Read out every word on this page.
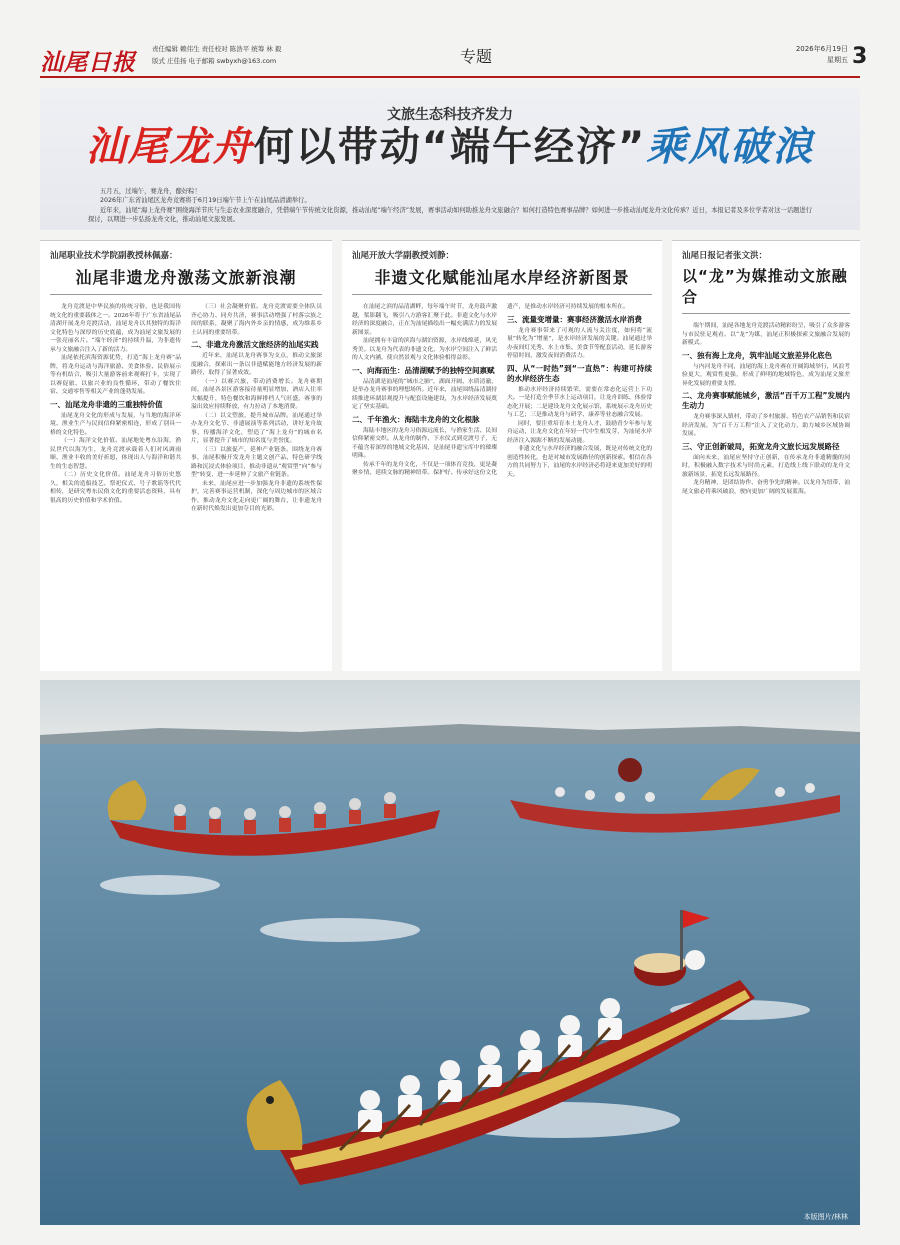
汕尾日报 责任编辑 赖伟生 责任校对 陈浩平 统筹 林 毅
版式 庄佳扬 电子邮箱 swbyxh@163.com	专题	2026年6月19日
星期五 3
文旅生态科技齐发力
汕尾龙舟何以带动“端午经济”乘风破浪

五月五，过端午，赛龙舟，酿好粽！

2026年广东省汕尾区龙舟竞赛将于6月19日端午节上午在汕尾品清湖举行。

近年来，汕尾“海上龙舟赛”围绕海洋节庆与生态农业深度融合，凭借端午节传统文化资源，推动汕尾“端午经济”发展，赛事活动如何助推龙舟文旅融合？如何打造特色赛事品牌？如何进一步推动汕尾龙舟文化传承？近日，本报记者及多位学者对这一话题进行探讨，以期进一步弘扬龙舟文化，推动汕尾文旅发展。

汕尾职业技术学院副教授林佩嘉：
汕尾非遗龙舟激荡文旅新浪潮

龙舟竞渡是中华民族的传统习俗，也是我国传统文化的重要载体之一。2026年将于广东省汕尾品清湖开展龙舟竞渡活动，汕尾龙舟以其独特的海洋文化特色与深厚的历史底蕴，成为汕尾文旅发展的一张亮丽名片。“端午经济”的持续升温，为非遗传承与文旅融合注入了新的活力。

汕尾依托滨海资源优势，打造“海上龙舟赛”品牌，将龙舟运动与海洋旅游、美食体验、民俗展示等有机结合，吸引大量游客前来观赛打卡，实现了以赛促旅、以旅兴业的良性循环，带动了餐饮住宿、交通零售等相关产业的蓬勃发展。

一、汕尾龙舟非遗的三重独特价值

汕尾龙舟文化的形成与发展，与当地的海洋环境、渔业生产与民间信仰紧密相连，形成了别具一格的文化特色。

（一）海洋文化价值。汕尾地处粤东沿海，渔民世代以海为生，龙舟竞渡承载着人们对风调雨顺、渔业丰收的美好祈愿，体现出人与海洋和谐共生的生态智慧。

（二）历史文化价值。汕尾龙舟习俗历史悠久，相关的造船技艺、祭祀仪式、号子歌谣等代代相传，是研究粤东民俗文化的重要活态资料，具有很高的历史价值和学术价值。

（三）社会凝聚价值。龙舟竞渡需要全体队员齐心协力、同舟共济，赛事活动增强了村落宗族之间的联系，凝聚了海内外乡亲的情感，成为维系乡土认同的重要纽带。

二、非遗龙舟激活文旅经济的汕尾实践

近年来，汕尾以龙舟赛事为支点，推动文旅深度融合，探索出一条以非遗赋能地方经济发展的新路径，取得了显著成效。

（一）以赛兴旅，带动消费增长。龙舟赛期间，汕尾各景区游客接待量明显增加，酒店入住率大幅提升，特色餐饮和海鲜排档人气旺盛，赛事的溢出效应持续释放，有力拉动了本地消费。

（二）以文塑旅，提升城市品牌。汕尾通过举办龙舟文化节、非遗展演等系列活动，讲好龙舟故事，传播海洋文化，塑造了“海上龙舟”的城市名片，显著提升了城市的知名度与美誉度。

（三）以旅促产，延伸产业链条。围绕龙舟赛事，汕尾积极开发龙舟主题文创产品、特色研学线路和沉浸式体验项目，推动非遗从“观赏型”向“参与型”转变，进一步延伸了文旅产业链条。

未来，汕尾应进一步加强龙舟非遗的系统性保护，完善赛事运营机制，深化与周边城市的区域合作，推动龙舟文化走向更广阔的舞台，让非遗龙舟在新时代焕发出更加夺目的光彩。

汕尾开放大学副教授刘静：
非遗文化赋能汕尾水岸经济新图景

在汕尾之滨的品清湖畔，每年端午时节，龙舟鼓声激越，桨影翻飞，吸引八方游客汇聚于此。非遗文化与水岸经济的深度融合，正在为汕尾描绘出一幅充满活力的发展新图景。

汕尾拥有丰富的滨海与湖泊资源，水岸线绵延，风光秀美。以龙舟为代表的非遗文化，为水岸空间注入了鲜活的人文内涵，使自然景观与文化体验相得益彰。

一、向海而生：品清湖赋予的独特空间禀赋

品清湖是汕尾的“城市之肺”，湖面开阔、水质清澈，是举办龙舟赛事的理想场所。近年来，汕尾围绕品清湖持续推进环湖景观提升与配套设施建设，为水岸经济发展奠定了坚实基础。

二、千年渔火：海陆丰龙舟的文化根脉

海陆丰地区的龙舟习俗源远流长，与渔家生活、民间信仰紧密交织。从龙舟的制作、下水仪式到竞渡号子，无不蕴含着深厚的地域文化基因，是汕尾非遗宝库中的璀璨明珠。

传承千年的龙舟文化，不仅是一项体育竞技，更是凝聚乡情、延续文脉的精神纽带。保护好、传承好这份文化遗产，是推动水岸经济可持续发展的根本所在。

三、流量变增量：赛事经济激活水岸消费

龙舟赛事带来了可观的人流与关注度，如何将“流量”转化为“增量”，是水岸经济发展的关键。汕尾通过举办夜间灯光秀、水上市集、美食节等配套活动，延长游客停留时间，激发夜间消费活力。

四、从“一时热”到“一直热”：构建可持续的水岸经济生态

推动水岸经济持续繁荣，需要在常态化运营上下功夫。一是打造全季节水上运动项目，让龙舟训练、体验常态化开展；二是建设龙舟文化展示馆，系统展示龙舟历史与工艺；三是推动龙舟与研学、康养等业态融合发展。

同时，要注重培育本土龙舟人才，鼓励青少年参与龙舟运动，让龙舟文化在年轻一代中生根发芽，为汕尾水岸经济注入源源不断的发展动能。

非遗文化与水岸经济的融合发展，既是对传统文化的创造性转化，也是对城市发展路径的创新探索。相信在各方的共同努力下，汕尾的水岸经济必将迎来更加美好的明天。

汕尾日报记者张文洪：
以“龙”为媒推动文旅融合

端午期间，汕尾各地龙舟竞渡活动精彩纷呈，吸引了众多游客与市民驻足观看。以“龙”为媒，汕尾正积极探索文旅融合发展的新模式。

一、独有海上龙舟，筑牢汕尾文旅差异化底色

与内河龙舟不同，汕尾的海上龙舟赛在开阔海域举行，风浪考验更大，观赏性更强，形成了鲜明的地域特色，成为汕尾文旅差异化发展的重要支撑。

二、龙舟赛事赋能城乡，激活“百千万工程”发展内生动力

龙舟赛事深入镇村，带动了乡村旅游、特色农产品销售和民宿经济发展，为“百千万工程”注入了文化动力，助力城乡区域协调发展。

三、守正创新破局，拓宽龙舟文旅长远发展路径

面向未来，汕尾应坚持守正创新，在传承龙舟非遗精髓的同时，积极融入数字技术与时尚元素，打造线上线下联动的龙舟文旅新场景，拓宽长远发展路径。

龙舟精神，是团结协作、奋勇争先的精神。以龙舟为纽带，汕尾文旅必将乘风破浪，驶向更加广阔的发展蓝海。

本版图片/林林
